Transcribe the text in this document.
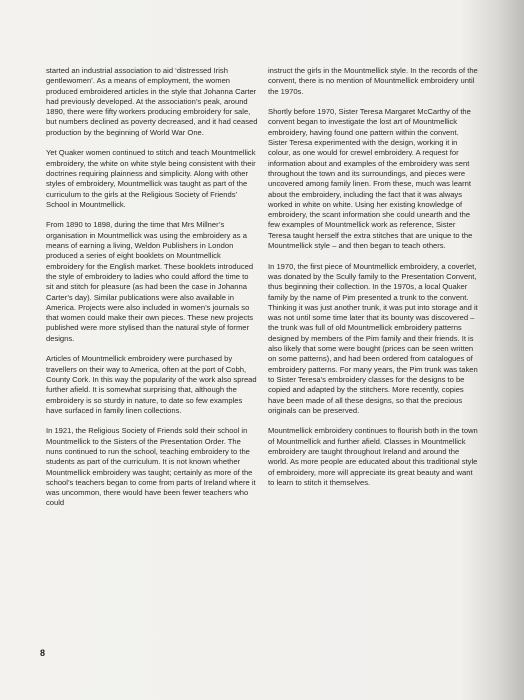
started an industrial association to aid ‘distressed Irish gentlewomen’. As a means of employment, the women produced embroidered articles in the style that Johanna Carter had previously developed. At the association’s peak, around 1890, there were fifty workers producing embroidery for sale, but numbers declined as poverty decreased, and it had ceased production by the beginning of World War One.

Yet Quaker women continued to stitch and teach Mountmellick embroidery, the white on white style being consistent with their doctrines requiring plainness and simplicity. Along with other styles of embroidery, Mountmellick was taught as part of the curriculum to the girls at the Religious Society of Friends’ School in Mountmellick.

From 1890 to 1898, during the time that Mrs Millner’s organisation in Mountmellick was using the embroidery as a means of earning a living, Weldon Publishers in London produced a series of eight booklets on Mountmellick embroidery for the English market. These booklets introduced the style of embroidery to ladies who could afford the time to sit and stitch for pleasure (as had been the case in Johanna Carter’s day). Similar publications were also available in America. Projects were also included in women’s journals so that women could make their own pieces. These new projects published were more stylised than the natural style of former designs.

Articles of Mountmellick embroidery were purchased by travellers on their way to America, often at the port of Cobh, County Cork. In this way the popularity of the work also spread further afield. It is somewhat surprising that, although the embroidery is so sturdy in nature, to date so few examples have surfaced in family linen collections.

In 1921, the Religious Society of Friends sold their school in Mountmellick to the Sisters of the Presentation Order. The nuns continued to run the school, teaching embroidery to the students as part of the curriculum. It is not known whether Mountmellick embroidery was taught; certainly as more of the school’s teachers began to come from parts of Ireland where it was uncommon, there would have been fewer teachers who could

instruct the girls in the Mountmellick style. In the records of the convent, there is no mention of Mountmellick embroidery until the 1970s.

Shortly before 1970, Sister Teresa Margaret McCarthy of the convent began to investigate the lost art of Mountmellick embroidery, having found one pattern within the convent. Sister Teresa experimented with the design, working it in colour, as one would for crewel embroidery. A request for information about and examples of the embroidery was sent throughout the town and its surroundings, and pieces were uncovered among family linen. From these, much was learnt about the embroidery, including the fact that it was always worked in white on white. Using her existing knowledge of embroidery, the scant information she could unearth and the few examples of Mountmellick work as reference, Sister Teresa taught herself the extra stitches that are unique to the Mountmellick style – and then began to teach others.

In 1970, the first piece of Mountmellick embroidery, a coverlet, was donated by the Scully family to the Presentation Convent, thus beginning their collection. In the 1970s, a local Quaker family by the name of Pim presented a trunk to the convent. Thinking it was just another trunk, it was put into storage and it was not until some time later that its bounty was discovered – the trunk was full of old Mountmellick embroidery patterns designed by members of the Pim family and their friends. It is also likely that some were bought (prices can be seen written on some patterns), and had been ordered from catalogues of embroidery patterns. For many years, the Pim trunk was taken to Sister Teresa’s embroidery classes for the designs to be copied and adapted by the stitchers. More recently, copies have been made of all these designs, so that the precious originals can be preserved.

Mountmellick embroidery continues to flourish both in the town of Mountmellick and further afield. Classes in Mountmellick embroidery are taught throughout Ireland and around the world. As more people are educated about this traditional style of embroidery, more will appreciate its great beauty and want to learn to stitch it themselves.

8
